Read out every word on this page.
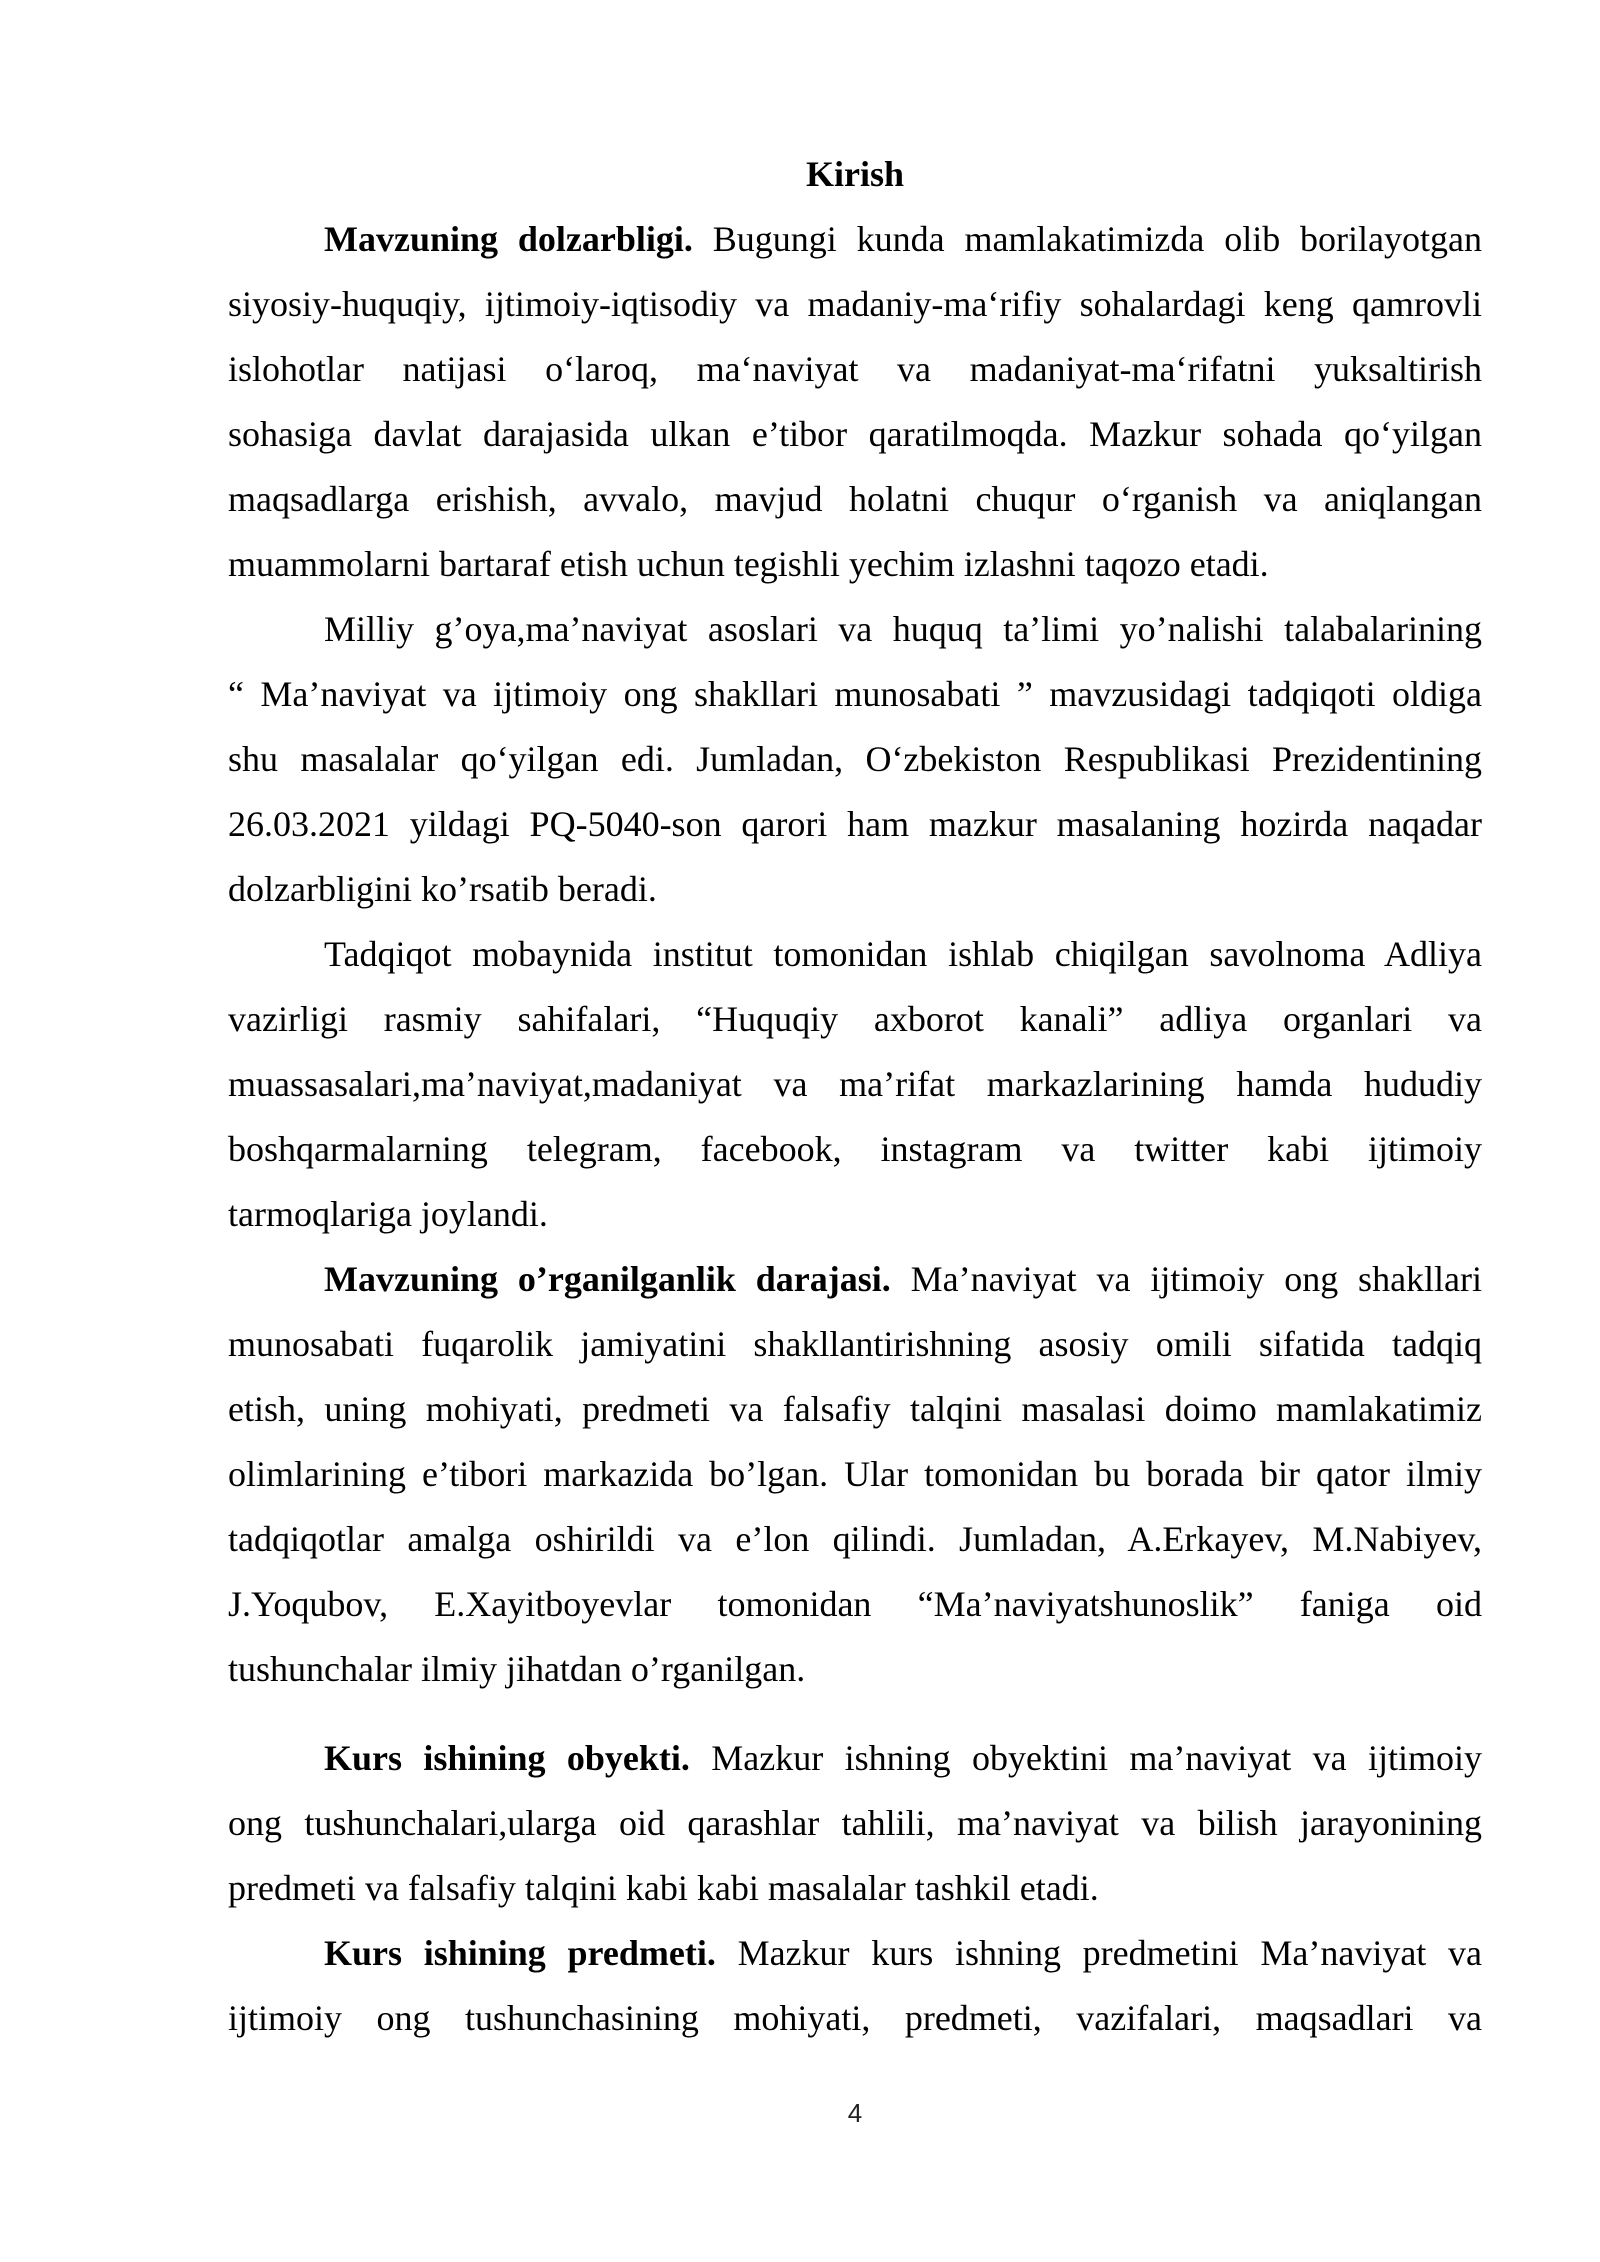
Kirish
Mavzuning dolzarbligi. Bugungi kunda mamlakatimizda olib borilayotgan
siyosiy-huquqiy, ijtimoiy-iqtisodiy va madaniy-ma‘rifiy sohalardagi keng qamrovli
islohotlar natijasi o‘laroq, ma‘naviyat va madaniyat-ma‘rifatni yuksaltirish
sohasiga davlat darajasida ulkan e’tibor qaratilmoqda. Mazkur sohada qo‘yilgan
maqsadlarga erishish, avvalo, mavjud holatni chuqur o‘rganish va aniqlangan
muammolarni bartaraf etish uchun tegishli yechim izlashni taqozo etadi.
Milliy g’oya,ma’naviyat asoslari va huquq ta’limi yo’nalishi talabalarining
“ Ma’naviyat va ijtimoiy ong shakllari munosabati ” mavzusidagi tadqiqoti oldiga
shu masalalar qo‘yilgan edi. Jumladan, O‘zbekiston Respublikasi Prezidentining
26.03.2021 yildagi PQ-5040-son qarori ham mazkur masalaning hozirda naqadar
dolzarbligini ko’rsatib beradi.
Tadqiqot mobaynida institut tomonidan ishlab chiqilgan savolnoma Adliya
vazirligi rasmiy sahifalari, “Huquqiy axborot kanali” adliya organlari va
muassasalari,ma’naviyat,madaniyat va ma’rifat markazlarining hamda hududiy
boshqarmalarning telegram, facebook, instagram va twitter kabi ijtimoiy
tarmoqlariga joylandi.
Mavzuning o’rganilganlik darajasi. Ma’naviyat va ijtimoiy ong shakllari
munosabati fuqarolik jamiyatini shakllantirishning asosiy omili sifatida tadqiq
etish, uning mohiyati, predmeti va falsafiy talqini masalasi doimo mamlakatimiz
olimlarining e’tibori markazida bo’lgan. Ular tomonidan bu borada bir qator ilmiy
tadqiqotlar amalga oshirildi va e’lon qilindi. Jumladan, A.Erkayev, M.Nabiyev,
J.Yoqubov, E.Xayitboyevlar tomonidan “Ma’naviyatshunoslik” faniga oid
tushunchalar ilmiy jihatdan o’rganilgan.
Kurs ishining obyekti. Mazkur ishning obyektini ma’naviyat va ijtimoiy
ong tushunchalari,ularga oid qarashlar tahlili, ma’naviyat va bilish jarayonining
predmeti va falsafiy talqini kabi kabi masalalar tashkil etadi.
Kurs ishining predmeti. Mazkur kurs ishning predmetini Ma’naviyat va
ijtimoiy ong tushunchasining mohiyati, predmeti, vazifalari, maqsadlari va
4
